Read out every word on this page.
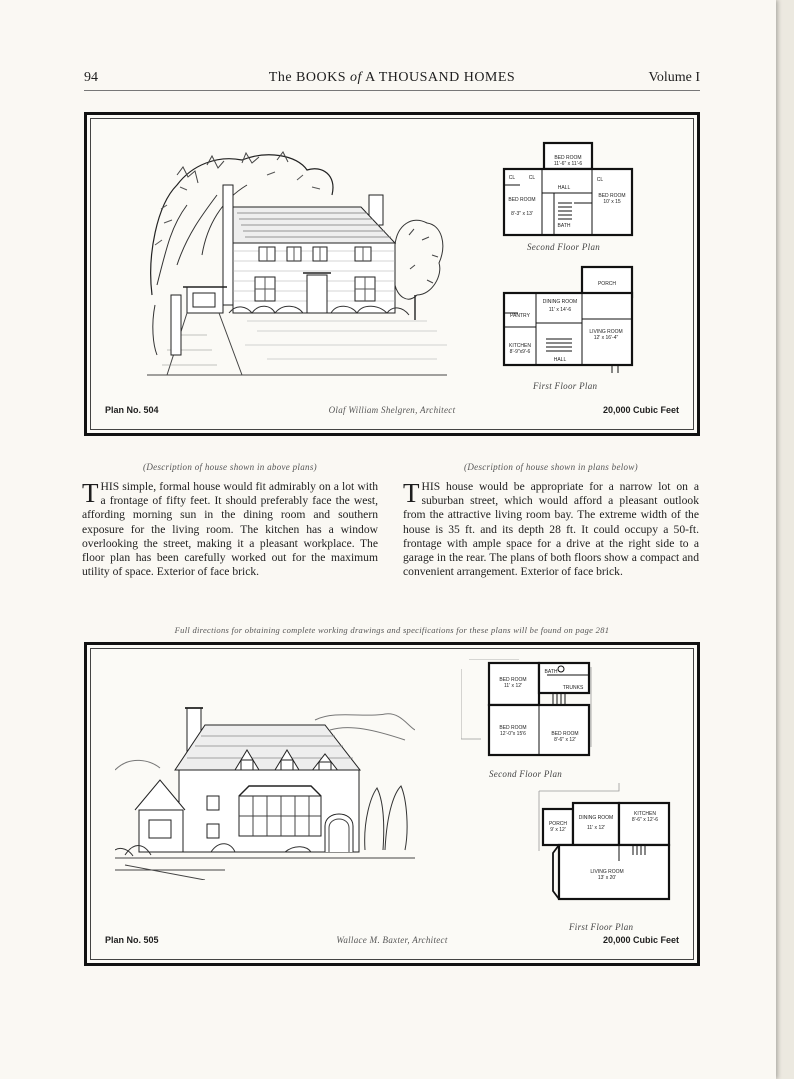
94	The BOOKS of A THOUSAND HOMES	Volume I
BED ROOM
11'-6" x 11'-6
BED ROOM
10' x 15
BED ROOM
8'-3" x 13'
HALL
BATH
CL	CL	CL
Second Floor Plan
PORCH
DINING ROOM
11' x 14'-6
PANTRY
LIVING ROOM
12' x 16'-4"
KITCHEN
8'-9"x9'-6
HALL
First Floor Plan
Plan No. 504	Olaf William Shelgren, Architect	20,000 Cubic Feet
(Description of house shown in above plans)
THIS simple, formal house would fit admirably on a lot with a frontage of fifty feet. It should preferably face the west, affording morning sun in the dining room and southern exposure for the living room. The kitchen has a window overlooking the street, making it a pleasant workplace. The floor plan has been carefully worked out for the maximum utility of space. Exterior of face brick.
(Description of house shown in plans below)
THIS house would be appropriate for a narrow lot on a suburban street, which would afford a pleasant outlook from the attractive living room bay. The extreme width of the house is 35 ft. and its depth 28 ft. It could occupy a 50-ft. frontage with ample space for a drive at the right side to a garage in the rear. The plans of both floors show a compact and convenient arrangement. Exterior of face brick.
Full directions for obtaining complete working drawings and specifications for these plans will be found on page 281
BED ROOM
11' x 12'
BATH
TRUNKS
BED ROOM
12'-0"x 15'6	BED ROOM
8'-6" x 12'
Second Floor Plan
PORCH
9' x 12'
DINING ROOM
11' x 12'
KITCHEN
8'-6" x 12'-6
LIVING ROOM
13' x 20'
First Floor Plan
Plan No. 505	Wallace M. Baxter, Architect	20,000 Cubic Feet
